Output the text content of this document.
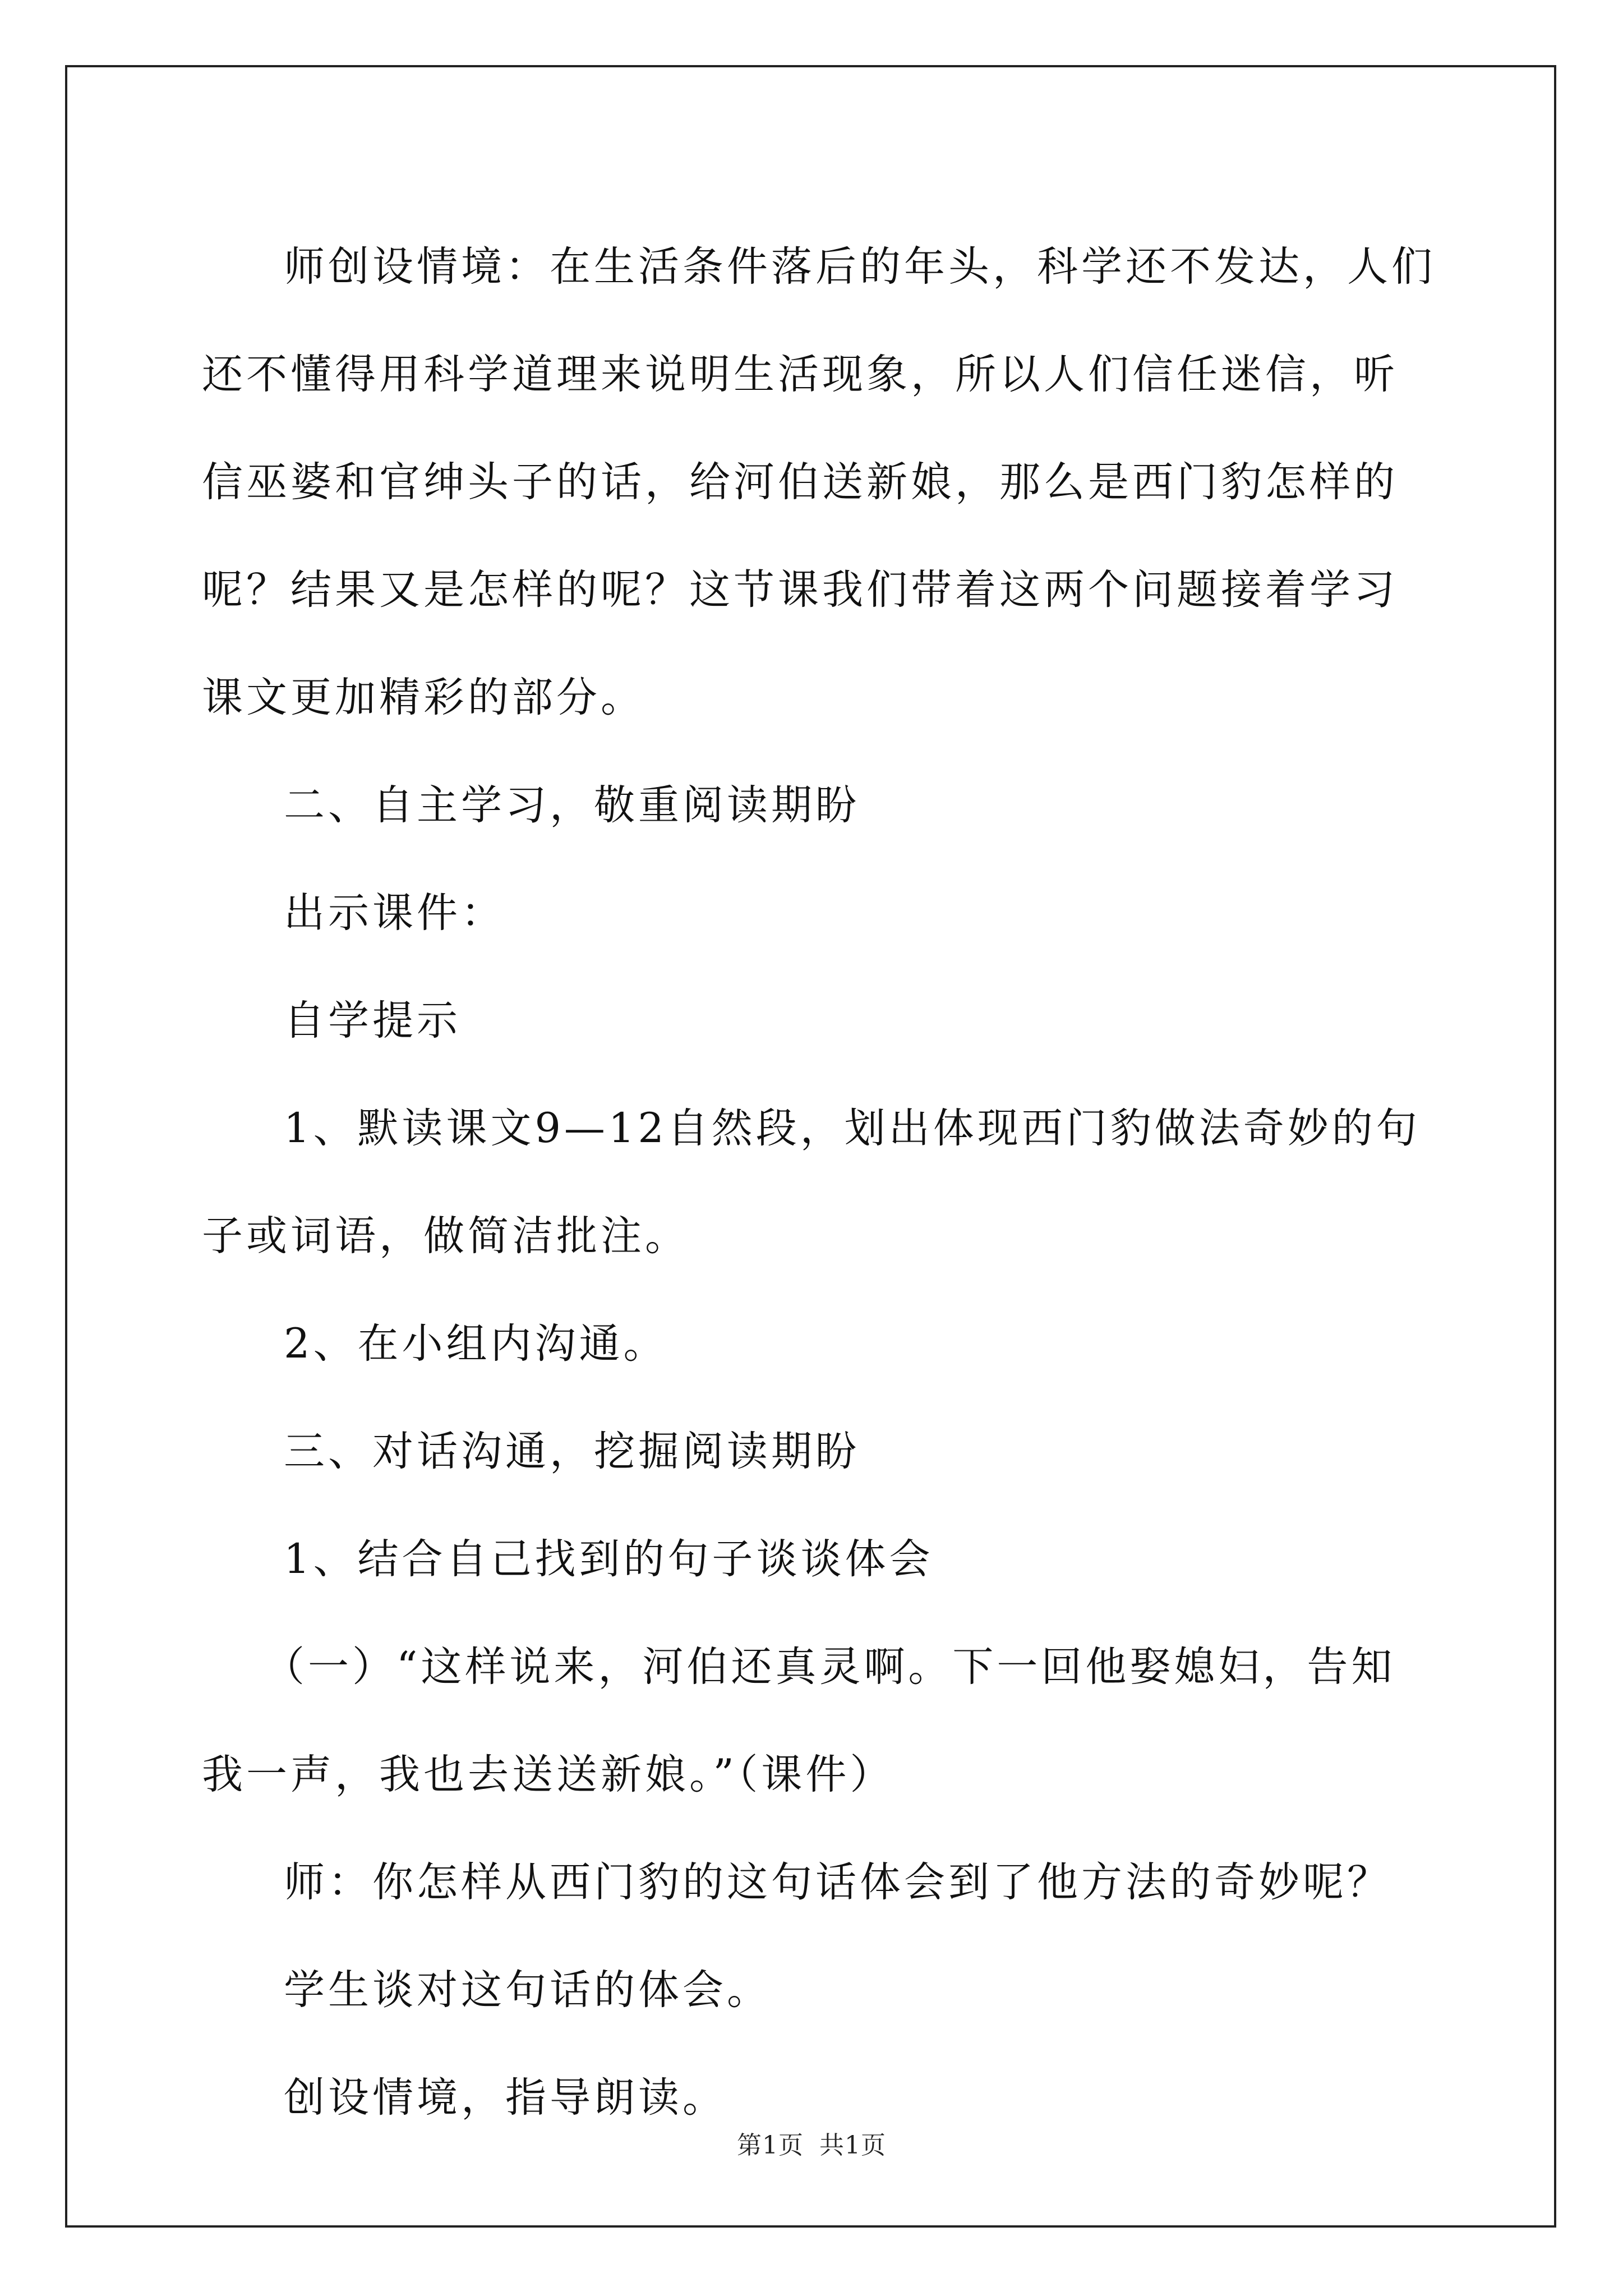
师创设情境：在生活条件落后的年头，科学还不发达，人们还不懂得用科学道理来说明生活现象，所以人们信任迷信，听信巫婆和官绅头子的话，给河伯送新娘，那么是西门豹怎样的呢？结果又是怎样的呢？这节课我们带着这两个问题接着学习课文更加精彩的部分。

二、自主学习，敬重阅读期盼

出示课件：

自学提示

1、默读课文9—12自然段，划出体现西门豹做法奇妙的句子或词语，做简洁批注。

2、在小组内沟通。

三、对话沟通，挖掘阅读期盼

1、结合自己找到的句子谈谈体会

（一）“这样说来，河伯还真灵啊。下一回他娶媳妇，告知我一声，我也去送送新娘。”（课件）

师：你怎样从西门豹的这句话体会到了他方法的奇妙呢？

学生谈对这句话的体会。

创设情境，指导朗读。

第1页 共1页
